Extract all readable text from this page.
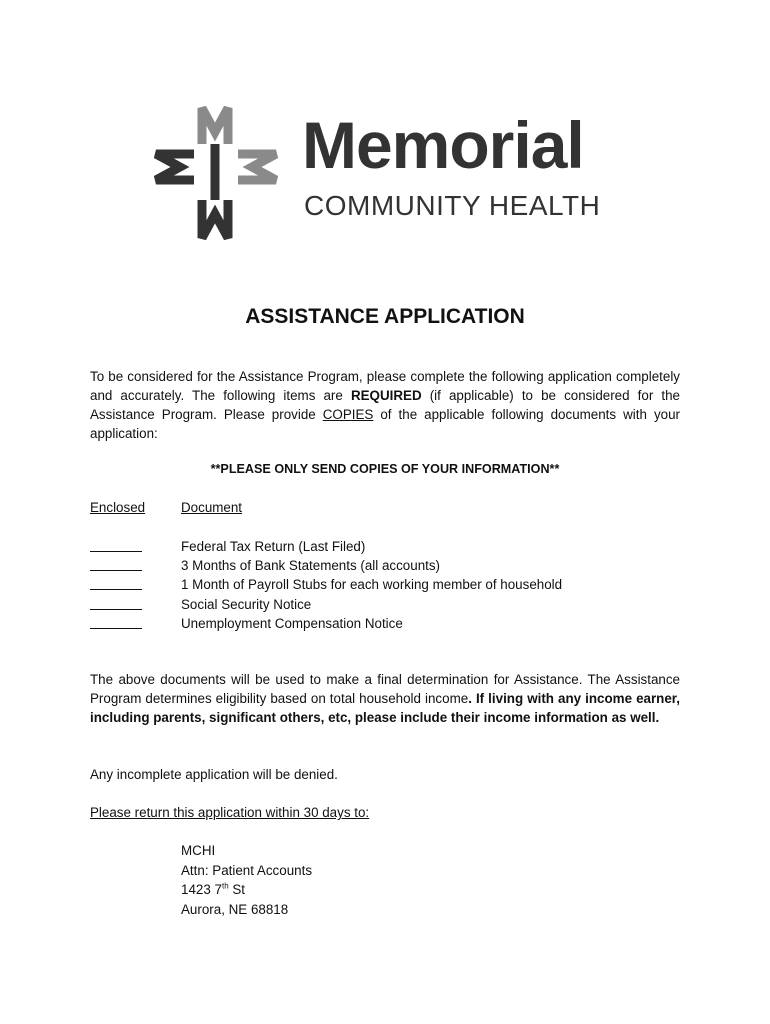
Memorial
COMMUNITY HEALTH
ASSISTANCE APPLICATION
To be considered for the Assistance Program, please complete the following application completely and accurately. The following items are REQUIRED (if applicable) to be considered for the Assistance Program. Please provide COPIES of the applicable following documents with your application:
**PLEASE ONLY SEND COPIES OF YOUR INFORMATION**
Enclosed	Document
Federal Tax Return (Last Filed)
3 Months of Bank Statements (all accounts)
1 Month of Payroll Stubs for each working member of household
Social Security Notice
Unemployment Compensation Notice
The above documents will be used to make a final determination for Assistance. The Assistance Program determines eligibility based on total household income. If living with any income earner, including parents, significant others, etc, please include their income information as well.
Any incomplete application will be denied.
Please return this application within 30 days to:
MCHI
Attn: Patient Accounts
1423 7th St
Aurora, NE 68818
